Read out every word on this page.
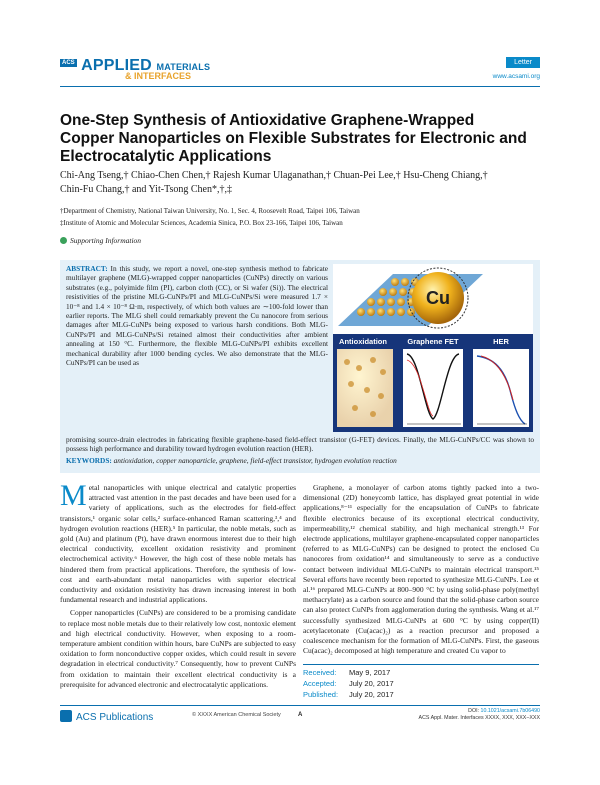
ACS APPLIED MATERIALS
& INTERFACES
Letter
www.acsami.org
One-Step Synthesis of Antioxidative Graphene-Wrapped Copper Nanoparticles on Flexible Substrates for Electronic and Electrocatalytic Applications
Chi-Ang Tseng,† Chiao-Chen Chen,† Rajesh Kumar Ulaganathan,† Chuan-Pei Lee,† Hsu-Cheng Chiang,†
Chin-Fu Chang,† and Yit-Tsong Chen*,†,‡
†Department of Chemistry, National Taiwan University, No. 1, Sec. 4, Roosevelt Road, Taipei 106, Taiwan
‡Institute of Atomic and Molecular Sciences, Academia Sinica, P.O. Box 23-166, Taipei 106, Taiwan
Supporting Information
ABSTRACT: In this study, we report a novel, one-step synthesis method to fabricate multilayer graphene (MLG)-wrapped copper nanoparticles (CuNPs) directly on various substrates (e.g., polyimide film (PI), carbon cloth (CC), or Si wafer (Si)). The electrical resistivities of the pristine MLG-CuNPs/PI and MLG-CuNPs/Si were measured 1.7 × 10⁻⁸ and 1.4 × 10⁻⁸ Ω·m, respectively, of which both values are ∼100-fold lower than earlier reports. The MLG shell could remarkably prevent the Cu nanocore from serious damages after MLG-CuNPs being exposed to various harsh conditions. Both MLG-CuNPs/PI and MLG-CuNPs/Si retained almost their conductivities after ambient annealing at 150 °C. Furthermore, the flexible MLG-CuNPs/PI exhibits excellent mechanical durability after 1000 bending cycles. We also demonstrate that the MLG-CuNPs/PI can be used as
Cu
Antioxidation	Graphene FET	HER
promising source-drain electrodes in fabricating flexible graphene-based field-effect transistor (G-FET) devices. Finally, the MLG-CuNPs/CC was shown to possess high performance and durability toward hydrogen evolution reaction (HER).
KEYWORDS: antioxidation, copper nanoparticle, graphene, field-effect transistor, hydrogen evolution reaction

Metal nanoparticles with unique electrical and catalytic properties attracted vast attention in the past decades and have been used for a variety of applications, such as the electrodes for field-effect transistors,¹ organic solar cells,² surface-enhanced Raman scattering,³,⁴ and hydrogen evolution reactions (HER).⁵ In particular, the noble metals, such as gold (Au) and platinum (Pt), have drawn enormous interest due to their high electrical conductivity, excellent oxidation resistivity and prominent electrochemical activity.⁶ However, the high cost of these noble metals has hindered them from practical applications. Therefore, the synthesis of low-cost and earth-abundant metal nanoparticles with superior electrical conductivity and oxidation resistivity has drawn increasing interest in both fundamental research and industrial applications.

Copper nanoparticles (CuNPs) are considered to be a promising candidate to replace most noble metals due to their relatively low cost, nontoxic element and high electrical conductivity. However, when exposing to a room-temperature ambient condition within hours, bare CuNPs are subjected to easy oxidation to form nonconductive copper oxides, which could result in severe degradation in electrical conductivity.⁷ Consequently, how to prevent CuNPs from oxidation to maintain their excellent electrical conductivity is a prerequisite for advanced electronic and electrocatalytic applications.

Graphene, a monolayer of carbon atoms tightly packed into a two-dimensional (2D) honeycomb lattice, has displayed great potential in wide applications,⁸⁻¹¹ especially for the encapsulation of CuNPs to fabricate flexible electronics because of its exceptional electrical conductivity, impermeability,¹² chemical stability, and high mechanical strength.¹³ For electrode applications, multilayer graphene-encapsulated copper nanoparticles (referred to as MLG-CuNPs) can be designed to protect the enclosed Cu nanocores from oxidation¹⁴ and simultaneously to serve as a conductive contact between individual MLG-CuNPs to maintain electrical transport.¹⁵ Several efforts have recently been reported to synthesize MLG-CuNPs. Lee et al.¹⁶ prepared MLG-CuNPs at 800–900 °C by using solid-phase poly(methyl methacrylate) as a carbon source and found that the solid-phase carbon source can also protect CuNPs from agglomeration during the synthesis. Wang et al.¹⁷ successfully synthesized MLG-CuNPs at 600 °C by using copper(II) acetylacetonate (Cu(acac)₂) as a reaction precursor and proposed a coalescence mechanism for the formation of MLG-CuNPs. First, the gaseous Cu(acac)₂ decomposed at high temperature and created Cu vapor to

Received: May 9, 2017
Accepted: July 20, 2017
Published: July 20, 2017
ACS Publications	© XXXX American Chemical Society	A
DOI: 10.1021/acsami.7b06490
ACS Appl. Mater. Interfaces XXXX, XXX, XXX−XXX
